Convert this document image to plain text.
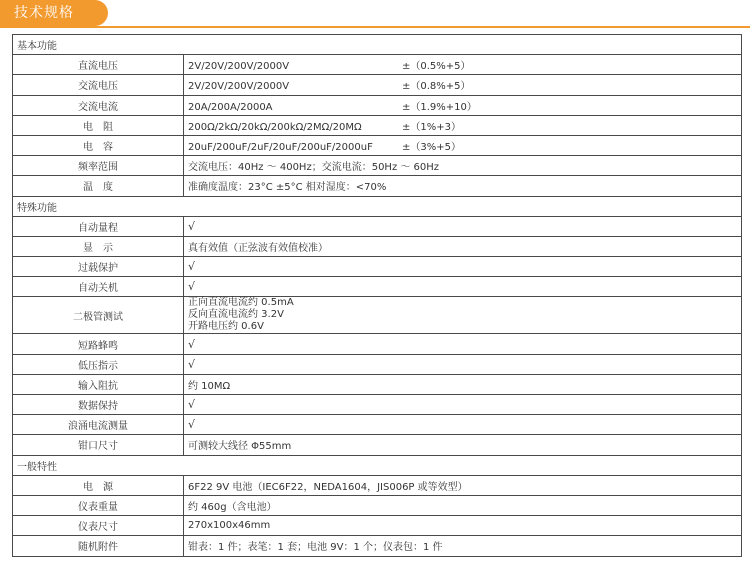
技术规格
基本功能	
直流电压	2V/20V/200V/2000V ±（0.5%+5）
交流电压	2V/20V/200V/2000V ±（0.8%+5）
交流电流	20A/200A/2000A ±（1.9%+10）
电　阻	200Ω/2kΩ/20kΩ/200kΩ/2MΩ/20MΩ ±（1%+3）
电　容	20uF/200uF/2uF/20uF/200uF/2000uF ±（3%+5）
频率范围	交流电压：40Hz ～ 400Hz；交流电流：50Hz ～ 60Hz
温　度	准确度温度：23°C ±5°C 相对湿度：<70%
特殊功能	
自动量程	√
显　示	真有效值（正弦波有效值校准）
过载保护	√
自动关机	√
二极管测试	正向直流电流约 0.5mA
反向直流电流约 3.2V
开路电压约 0.6V

短路蜂鸣	√
低压指示	√
输入阻抗	约 10MΩ
数据保持	√
浪涌电流测量	√
钳口尺寸	可测较大线径 Φ55mm
一般特性	
电　源	6F22 9V 电池（IEC6F22，NEDA1604，JIS006P 或等效型）
仪表重量	约 460g（含电池）
仪表尺寸	270x100x46mm
随机附件	钳表：1 件；表笔：1 套；电池 9V：1 个；仪表包：1 件
